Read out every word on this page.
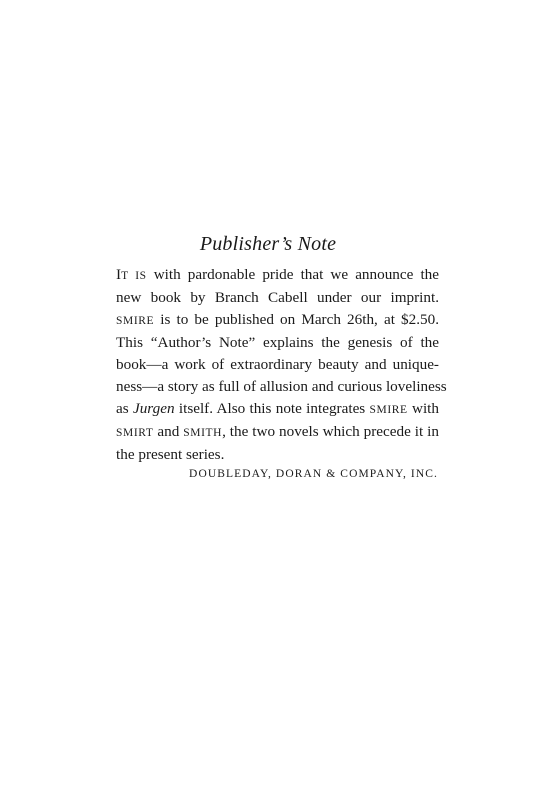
Publisher’s Note
IT IS with pardonable pride that we announce the
new book by Branch Cabell under our imprint.
SMIRE is to be published on March 26th, at $2.50.
This “Author’s Note” explains the genesis of the
book—a work of extraordinary beauty and unique-
ness—a story as full of allusion and curious loveliness
as Jurgen itself. Also this note integrates SMIRE with
SMIRT and SMITH, the two novels which precede it in
the present series.

DOUBLEDAY, DORAN & COMPANY, INC.
